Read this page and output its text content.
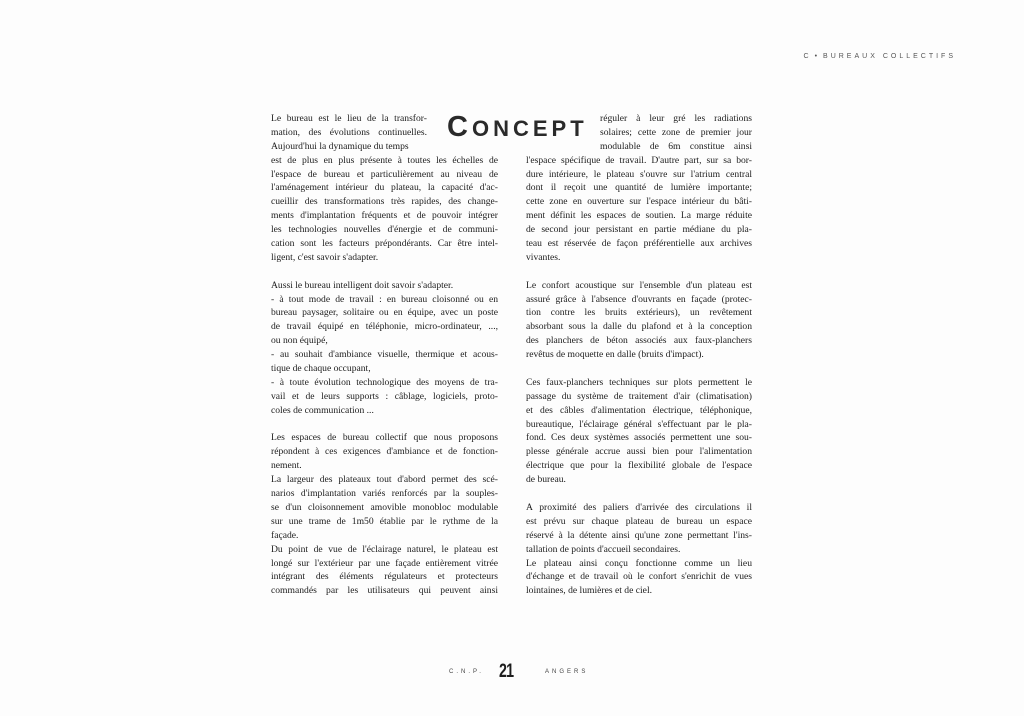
C • BUREAUX COLLECTIFS
CONCEPT
Le bureau est le lieu de la transfor-
mation, des évolutions continuelles.
Aujourd'hui la dynamique du temps
est de plus en plus présente à toutes les échelles de
l'espace de bureau et particulièrement au niveau de
l'aménagement intérieur du plateau, la capacité d'ac-
cueillir des transformations très rapides, des change-
ments d'implantation fréquents et de pouvoir intégrer
les technologies nouvelles d'énergie et de communi-
cation sont les facteurs prépondérants. Car être intel-
ligent, c'est savoir s'adapter.
Aussi le bureau intelligent doit savoir s'adapter.
- à tout mode de travail : en bureau cloisonné ou en
bureau paysager, solitaire ou en équipe, avec un poste
de travail équipé en téléphonie, micro-ordinateur, ...,
ou non équipé,
- au souhait d'ambiance visuelle, thermique et acous-
tique de chaque occupant,
- à toute évolution technologique des moyens de tra-
vail et de leurs supports : câblage, logiciels, proto-
coles de communication ...
Les espaces de bureau collectif que nous proposons
répondent à ces exigences d'ambiance et de fonction-
nement.
La largeur des plateaux tout d'abord permet des scé-
narios d'implantation variés renforcés par la souples-
se d'un cloisonnement amovible monobloc modulable
sur une trame de 1m50 établie par le rythme de la
façade.
Du point de vue de l'éclairage naturel, le plateau est
longé sur l'extérieur par une façade entièrement vitrée
intégrant des éléments régulateurs et protecteurs
commandés par les utilisateurs qui peuvent ainsi
réguler à leur gré les radiations
solaires; cette zone de premier jour
modulable de 6m constitue ainsi
l'espace spécifique de travail. D'autre part, sur sa bor-
dure intérieure, le plateau s'ouvre sur l'atrium central
dont il reçoit une quantité de lumière importante;
cette zone en ouverture sur l'espace intérieur du bâti-
ment définit les espaces de soutien. La marge réduite
de second jour persistant en partie médiane du pla-
teau est réservée de façon préférentielle aux archives
vivantes.
Le confort acoustique sur l'ensemble d'un plateau est
assuré grâce à l'absence d'ouvrants en façade (protec-
tion contre les bruits extérieurs), un revêtement
absorbant sous la dalle du plafond et à la conception
des planchers de béton associés aux faux-planchers
revêtus de moquette en dalle (bruits d'impact).
Ces faux-planchers techniques sur plots permettent le
passage du système de traitement d'air (climatisation)
et des câbles d'alimentation électrique, téléphonique,
bureautique, l'éclairage général s'effectuant par le pla-
fond. Ces deux systèmes associés permettent une sou-
plesse générale accrue aussi bien pour l'alimentation
électrique que pour la flexibilité globale de l'espace
de bureau.
A proximité des paliers d'arrivée des circulations il
est prévu sur chaque plateau de bureau un espace
réservé à la détente ainsi qu'une zone permettant l'ins-
tallation de points d'accueil secondaires.
Le plateau ainsi conçu fonctionne comme un lieu
d'échange et de travail où le confort s'enrichit de vues
lointaines, de lumières et de ciel.
C.N.P. 21	ANGERS
